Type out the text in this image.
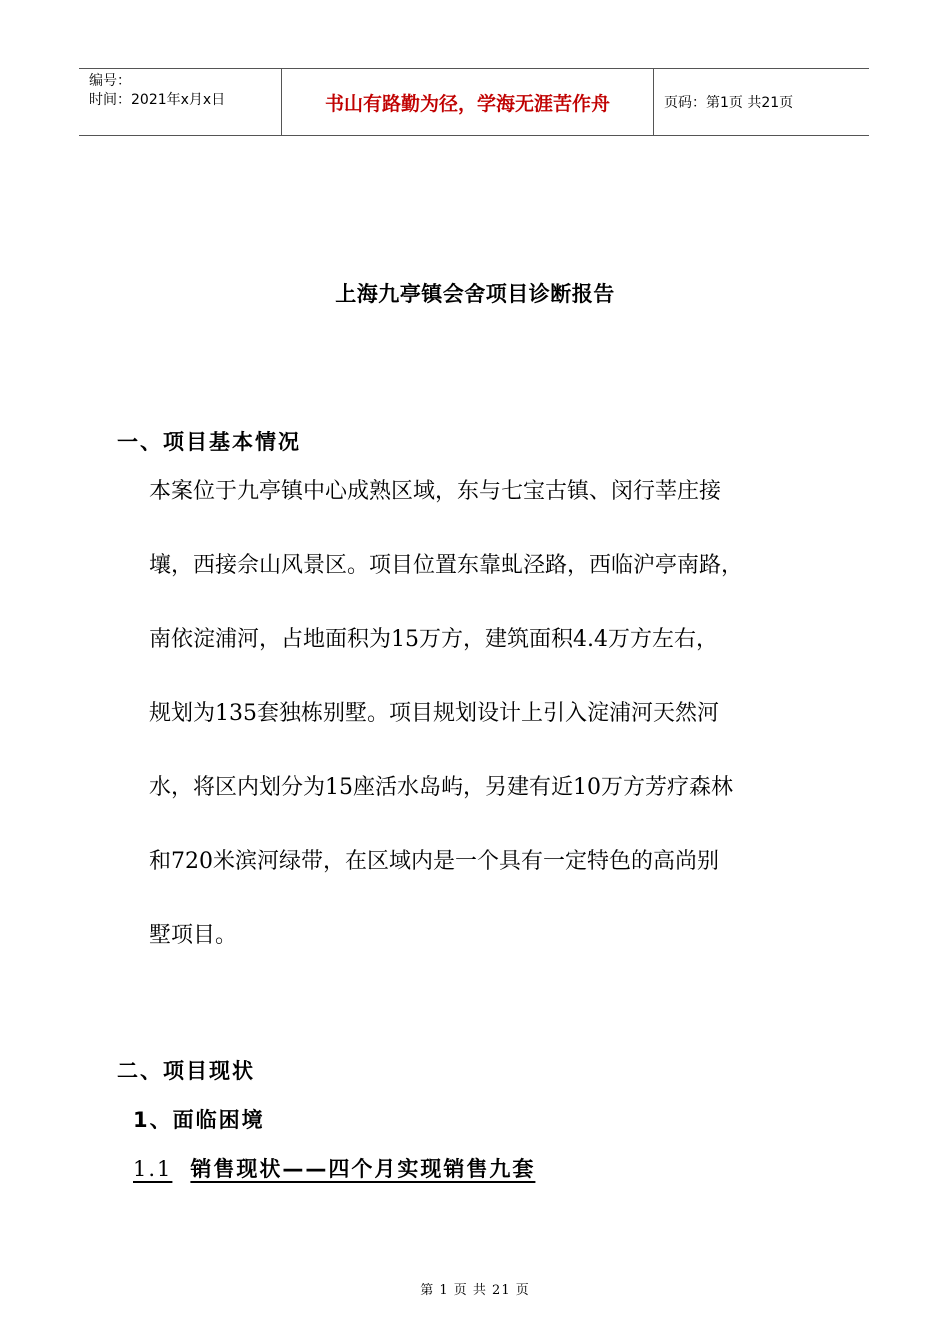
编号：
时间：2021年x月x日	书山有路勤为径，学海无涯苦作舟	页码：第1页 共21页
上海九亭镇会舍项目诊断报告
一、项目基本情况
本案位于九亭镇中心成熟区域，东与七宝古镇、闵行莘庄接
壤，西接佘山风景区。项目位置东靠虬泾路，西临沪亭南路，
南依淀浦河，占地面积为15万方，建筑面积4.4万方左右，
规划为135套独栋别墅。项目规划设计上引入淀浦河天然河
水，将区内划分为15座活水岛屿，另建有近10万方芳疗森林
和720米滨河绿带，在区域内是一个具有一定特色的高尚别
墅项目。
二、项目现状
1、面临困境
1.1 销售现状——四个月实现销售九套
第 1 页 共 21 页
